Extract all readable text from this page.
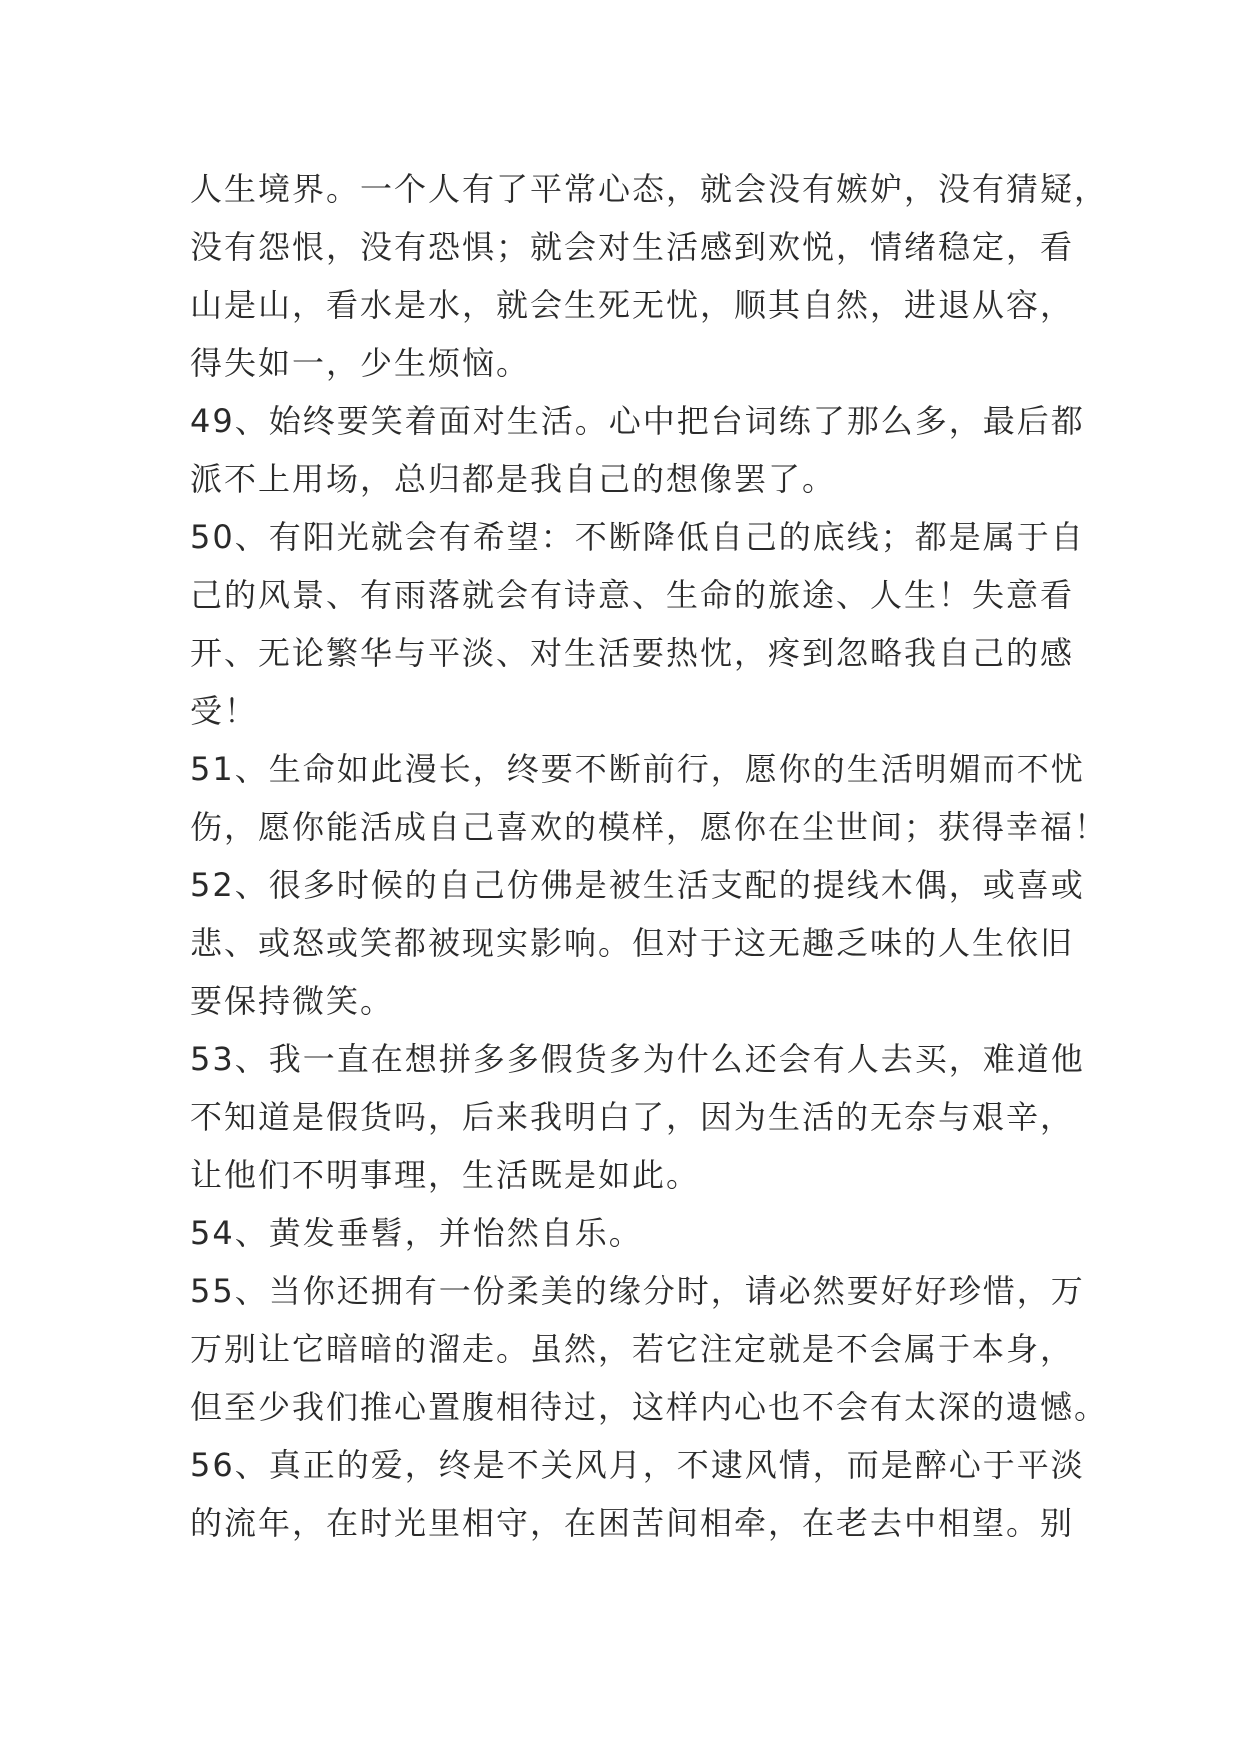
人生境界。一个人有了平常心态，就会没有嫉妒，没有猜疑，
没有怨恨，没有恐惧；就会对生活感到欢悦，情绪稳定，看
山是山，看水是水，就会生死无忧，顺其自然，进退从容，
得失如一，少生烦恼。
49、始终要笑着面对生活。心中把台词练了那么多，最后都
派不上用场，总归都是我自己的想像罢了。
50、有阳光就会有希望：不断降低自己的底线；都是属于自
己的风景、有雨落就会有诗意、生命的旅途、人生！失意看
开、无论繁华与平淡、对生活要热忱，疼到忽略我自己的感
受！
51、生命如此漫长，终要不断前行，愿你的生活明媚而不忧
伤，愿你能活成自己喜欢的模样，愿你在尘世间；获得幸福！
52、很多时候的自己仿佛是被生活支配的提线木偶，或喜或
悲、或怒或笑都被现实影响。但对于这无趣乏味的人生依旧
要保持微笑。
53、我一直在想拼多多假货多为什么还会有人去买，难道他
不知道是假货吗，后来我明白了，因为生活的无奈与艰辛，
让他们不明事理，生活既是如此。
54、黄发垂髫，并怡然自乐。
55、当你还拥有一份柔美的缘分时，请必然要好好珍惜，万
万别让它暗暗的溜走。虽然，若它注定就是不会属于本身，
但至少我们推心置腹相待过，这样内心也不会有太深的遗憾。
56、真正的爱，终是不关风月，不逮风情，而是醉心于平淡
的流年，在时光里相守，在困苦间相牵，在老去中相望。别
